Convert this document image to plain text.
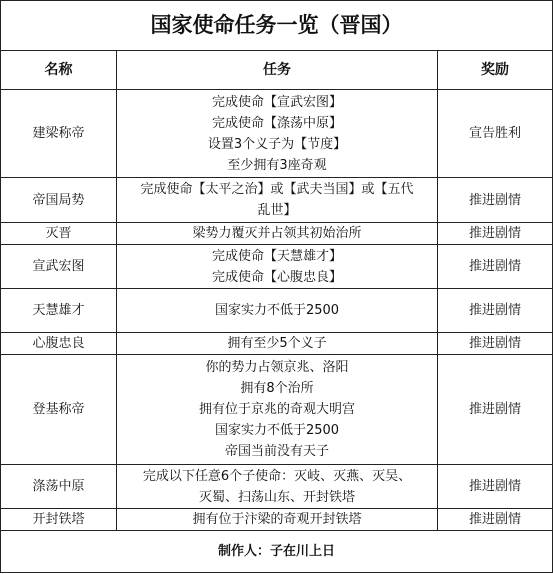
国家使命任务一览（晋国）		
名称	任务	奖励
建梁称帝	完成使命【宣武宏图】
完成使命【涤荡中原】
设置3个义子为【节度】
至少拥有3座奇观	宣告胜利
帝国局势	完成使命【太平之治】或【武夫当国】或【五代
乱世】	推进剧情
灭晋	梁势力覆灭并占领其初始治所	推进剧情
宣武宏图	完成使命【天慧雄才】
完成使命【心腹忠良】	推进剧情
天慧雄才	国家实力不低于2500	推进剧情
心腹忠良	拥有至少5个义子	推进剧情
登基称帝	你的势力占领京兆、洛阳
拥有8个治所
拥有位于京兆的奇观大明宫
国家实力不低于2500
帝国当前没有天子	推进剧情
涤荡中原	完成以下任意6个子使命：灭岐、灭燕、灭吴、
灭蜀、扫荡山东、开封铁塔	推进剧情
开封铁塔	拥有位于汴梁的奇观开封铁塔	推进剧情
制作人：子在川上日		
